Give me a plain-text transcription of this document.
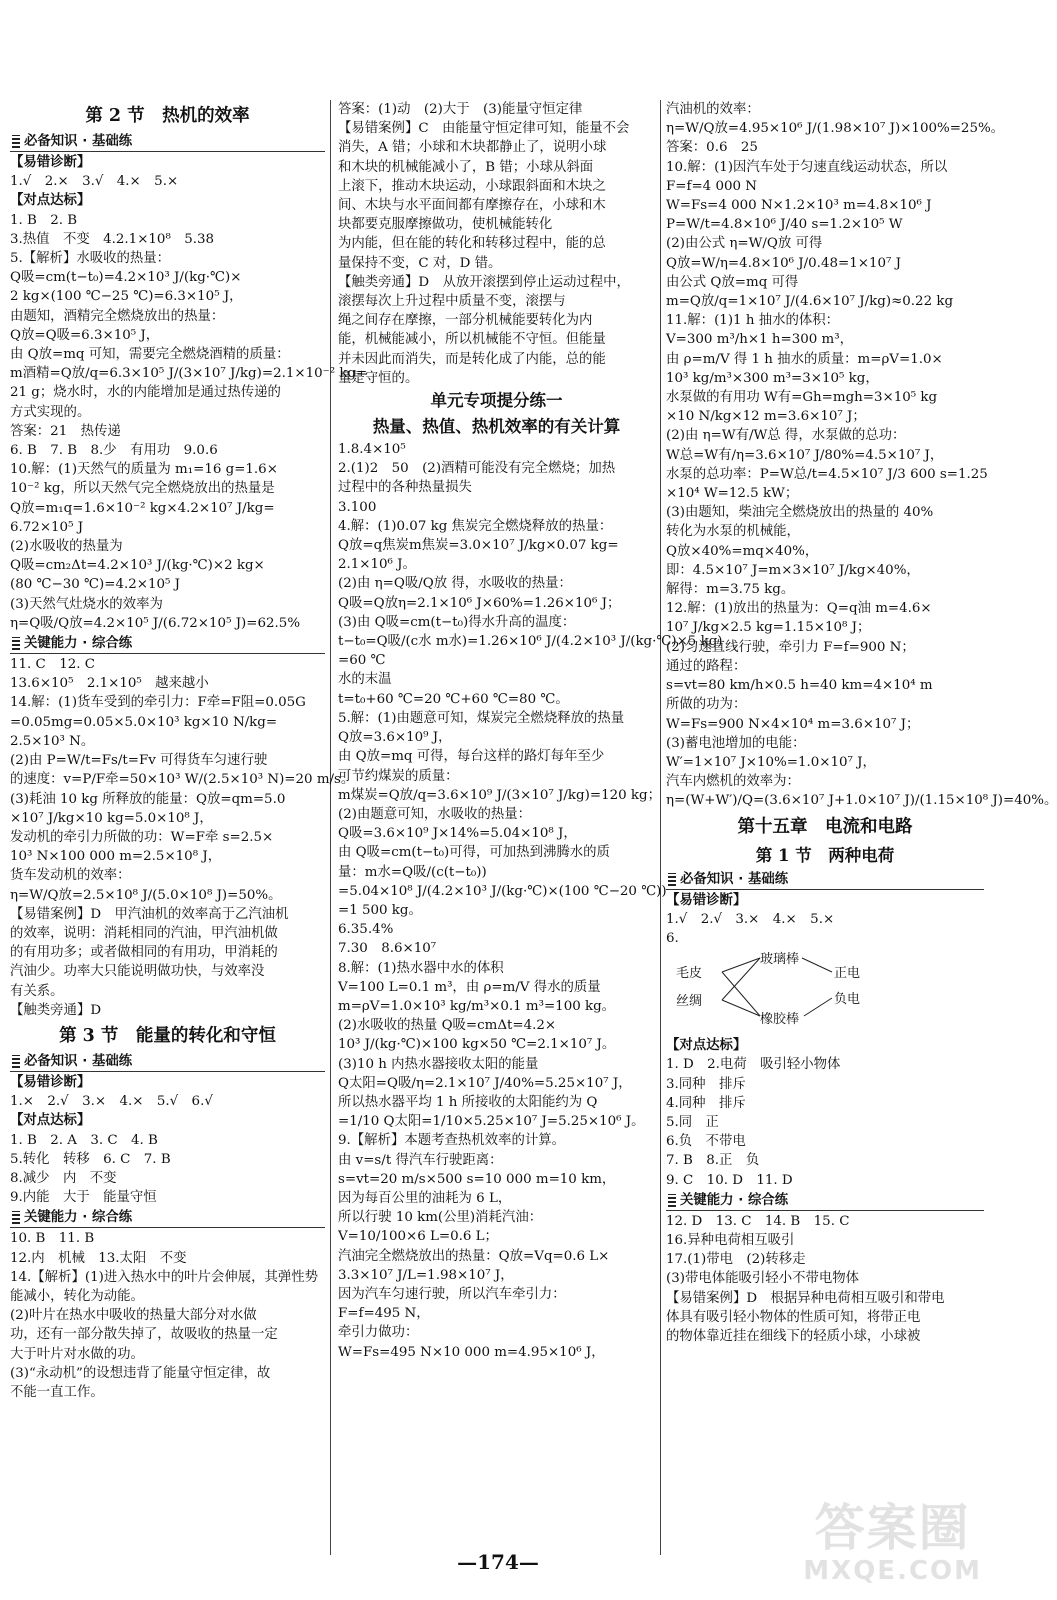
第 2 节　热机的效率
必备知识 · 基础练
【易错诊断】
1.√　2.×　3.√　4.×　5.×
【对点达标】
1. B　2. B
3.热值　不变　4.2.1×10⁸　5.38
5.【解析】水吸收的热量：
Q吸=cm(t−t₀)=4.2×10³ J/(kg·℃)×
2 kg×(100 ℃−25 ℃)=6.3×10⁵ J，
由题知，酒精完全燃烧放出的热量：
Q放=Q吸=6.3×10⁵ J，
由 Q放=mq 可知，需要完全燃烧酒精的质量：
m酒精=Q放/q=6.3×10⁵ J/(3×10⁷ J/kg)=2.1×10⁻² kg=
21 g；烧水时，水的内能增加是通过热传递的
方式实现的。
答案：21　热传递
6. B　7. B　8.少　有用功　9.0.6
10.解：(1)天然气的质量为 m₁=16 g=1.6×
10⁻² kg，所以天然气完全燃烧放出的热量是
Q放=m₁q=1.6×10⁻² kg×4.2×10⁷ J/kg=
6.72×10⁵ J
(2)水吸收的热量为
Q吸=cm₂Δt=4.2×10³ J/(kg·℃)×2 kg×
(80 ℃−30 ℃)=4.2×10⁵ J
(3)天然气灶烧水的效率为
η=Q吸/Q放=4.2×10⁵ J/(6.72×10⁵ J)=62.5%
关键能力 · 综合练
11. C　12. C
13.6×10⁵　2.1×10⁵　越来越小
14.解：(1)货车受到的牵引力：F牵=F阻=0.05G
=0.05mg=0.05×5.0×10³ kg×10 N/kg=
2.5×10³ N。
(2)由 P=W/t=Fs/t=Fv 可得货车匀速行驶
的速度：v=P/F牵=50×10³ W/(2.5×10³ N)=20 m/s。
(3)耗油 10 kg 所释放的能量：Q放=qm=5.0
×10⁷ J/kg×10 kg=5.0×10⁸ J，
发动机的牵引力所做的功：W=F牵 s=2.5×
10³ N×100 000 m=2.5×10⁸ J，
货车发动机的效率：
η=W/Q放=2.5×10⁸ J/(5.0×10⁸ J)=50%。
【易错案例】D　甲汽油机的效率高于乙汽油机
的效率，说明：消耗相同的汽油，甲汽油机做
的有用功多；或者做相同的有用功，甲消耗的
汽油少。功率大只能说明做功快，与效率没
有关系。
【触类旁通】D
第 3 节　能量的转化和守恒
必备知识 · 基础练
【易错诊断】
1.×　2.√　3.×　4.×　5.√　6.√
【对点达标】
1. B　2. A　3. C　4. B
5.转化　转移　6. C　7. B
8.减少　内　不变
9.内能　大于　能量守恒
关键能力 · 综合练
10. B　11. B
12.内　机械　13.太阳　不变
14.【解析】(1)进入热水中的叶片会伸展，其弹性势
能减小，转化为动能。
(2)叶片在热水中吸收的热量大部分对水做
功，还有一部分散失掉了，故吸收的热量一定
大于叶片对水做的功。
(3)“永动机”的设想违背了能量守恒定律，故
不能一直工作。
答案：(1)动　(2)大于　(3)能量守恒定律
【易错案例】C　由能量守恒定律可知，能量不会
消失，A 错；小球和木块都静止了，说明小球
和木块的机械能减小了，B 错；小球从斜面
上滚下，推动木块运动，小球跟斜面和木块之
间、木块与水平面间都有摩擦存在，小球和木
块都要克服摩擦做功，使机械能转化
为内能，但在能的转化和转移过程中，能的总
量保持不变，C 对，D 错。
【触类旁通】D　从放开滚摆到停止运动过程中，
滚摆每次上升过程中质量不变，滚摆与
绳之间存在摩擦，一部分机械能要转化为内
能，机械能减小，所以机械能不守恒。但能量
并未因此而消失，而是转化成了内能，总的能
量是守恒的。
单元专项提分练一
热量、热值、热机效率的有关计算
1.8.4×10⁵
2.(1)2　50　(2)酒精可能没有完全燃烧；加热
过程中的各种热量损失
3.100
4.解：(1)0.07 kg 焦炭完全燃烧释放的热量：
Q放=q焦炭m焦炭=3.0×10⁷ J/kg×0.07 kg=
2.1×10⁶ J。
(2)由 η=Q吸/Q放 得，水吸收的热量：
Q吸=Q放η=2.1×10⁶ J×60%=1.26×10⁶ J；
(3)由 Q吸=cm(t−t₀)得水升高的温度：
t−t₀=Q吸/(c水 m水)=1.26×10⁶ J/(4.2×10³ J/(kg·℃)×5 kg)
=60 ℃
水的末温
t=t₀+60 ℃=20 ℃+60 ℃=80 ℃。
5.解：(1)由题意可知，煤炭完全燃烧释放的热量
Q放=3.6×10⁹ J，
由 Q放=mq 可得，每台这样的路灯每年至少
可节约煤炭的质量：
m煤炭=Q放/q=3.6×10⁹ J/(3×10⁷ J/kg)=120 kg；
(2)由题意可知，水吸收的热量：
Q吸=3.6×10⁹ J×14%=5.04×10⁸ J，
由 Q吸=cm(t−t₀)可得，可加热到沸腾水的质
量：m水=Q吸/(c(t−t₀))
=5.04×10⁸ J/(4.2×10³ J/(kg·℃)×(100 ℃−20 ℃))
=1 500 kg。
6.35.4%
7.30　8.6×10⁷
8.解：(1)热水器中水的体积
V=100 L=0.1 m³，由 ρ=m/V 得水的质量
m=ρV=1.0×10³ kg/m³×0.1 m³=100 kg。
(2)水吸收的热量 Q吸=cmΔt=4.2×
10³ J/(kg·℃)×100 kg×50 ℃=2.1×10⁷ J。
(3)10 h 内热水器接收太阳的能量
Q太阳=Q吸/η=2.1×10⁷ J/40%=5.25×10⁷ J，
所以热水器平均 1 h 所接收的太阳能约为 Q
=1/10 Q太阳=1/10×5.25×10⁷ J=5.25×10⁶ J。
9.【解析】本题考查热机效率的计算。
由 v=s/t 得汽车行驶距离：
s=vt=20 m/s×500 s=10 000 m=10 km，
因为每百公里的油耗为 6 L，
所以行驶 10 km(公里)消耗汽油：
V=10/100×6 L=0.6 L；
汽油完全燃烧放出的热量：Q放=Vq=0.6 L×
3.3×10⁷ J/L=1.98×10⁷ J，
因为汽车匀速行驶，所以汽车牵引力：
F=f=495 N，
牵引力做功：
W=Fs=495 N×10 000 m=4.95×10⁶ J，
汽油机的效率：
η=W/Q放=4.95×10⁶ J/(1.98×10⁷ J)×100%=25%。
答案：0.6　25
10.解：(1)因汽车处于匀速直线运动状态，所以
F=f=4 000 N
W=Fs=4 000 N×1.2×10³ m=4.8×10⁶ J
P=W/t=4.8×10⁶ J/40 s=1.2×10⁵ W
(2)由公式 η=W/Q放 可得
Q放=W/η=4.8×10⁶ J/0.48=1×10⁷ J
由公式 Q放=mq 可得
m=Q放/q=1×10⁷ J/(4.6×10⁷ J/kg)≈0.22 kg
11.解：(1)1 h 抽水的体积：
V=300 m³/h×1 h=300 m³，
由 ρ=m/V 得 1 h 抽水的质量：m=ρV=1.0×
10³ kg/m³×300 m³=3×10⁵ kg，
水泵做的有用功 W有=Gh=mgh=3×10⁵ kg
×10 N/kg×12 m=3.6×10⁷ J；
(2)由 η=W有/W总 得，水泵做的总功：
W总=W有/η=3.6×10⁷ J/80%=4.5×10⁷ J，
水泵的总功率：P=W总/t=4.5×10⁷ J/3 600 s=1.25
×10⁴ W=12.5 kW；
(3)由题知，柴油完全燃烧放出的热量的 40%
转化为水泵的机械能，
Q放×40%=mq×40%，
即：4.5×10⁷ J=m×3×10⁷ J/kg×40%，
解得：m=3.75 kg。
12.解：(1)放出的热量为：Q=q油 m=4.6×
10⁷ J/kg×2.5 kg=1.15×10⁸ J；
(2)匀速直线行驶，牵引力 F=f=900 N；
通过的路程：
s=vt=80 km/h×0.5 h=40 km=4×10⁴ m
所做的功为：
W=Fs=900 N×4×10⁴ m=3.6×10⁷ J；
(3)蓄电池增加的电能：
W′=1×10⁷ J×10%=1.0×10⁷ J，
汽车内燃机的效率为：
η=(W+W′)/Q=(3.6×10⁷ J+1.0×10⁷ J)/(1.15×10⁸ J)=40%。
第十五章　电流和电路
第 1 节　两种电荷
必备知识 · 基础练
【易错诊断】
1.√　2.√　3.×　4.×　5.×
6.
毛皮
丝绸
玻璃棒
橡胶棒
正电
负电
【对点达标】
1. D　2.电荷　吸引轻小物体
3.同种　排斥
4.同种　排斥
5.同　正
6.负　不带电
7. B　8.正　负
9. C　10. D　11. D
关键能力 · 综合练
12. D　13. C　14. B　15. C
16.异种电荷相互吸引
17.(1)带电　(2)转移走
(3)带电体能吸引轻小不带电物体
【易错案例】D　根据异种电荷相互吸引和带电
体具有吸引轻小物体的性质可知，将带正电
的物体靠近挂在细线下的轻质小球，小球被
—174—
答案圈
MXQE.COM
